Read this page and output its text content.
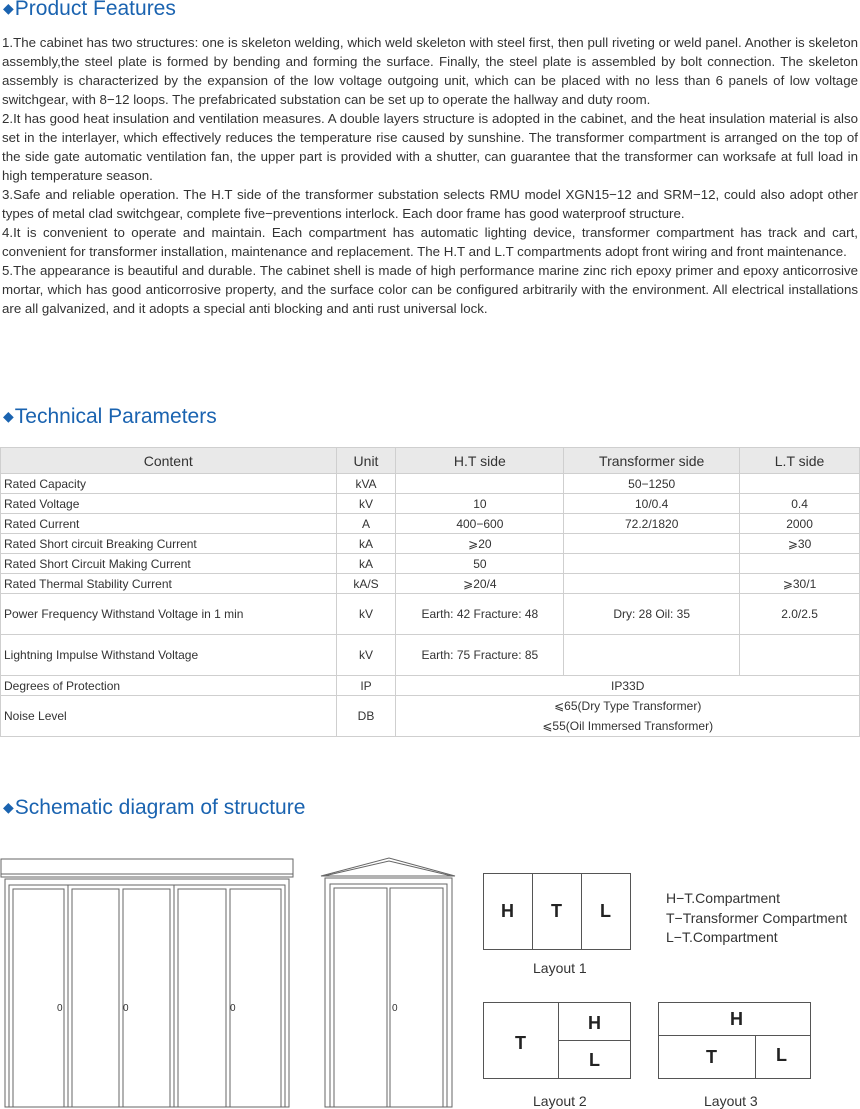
◆Product Features

1.The cabinet has two structures: one is skeleton welding, which weld skeleton with steel first, then pull riveting or weld panel. Another is skeleton assembly,the steel plate is formed by bending and forming the surface. Finally, the steel plate is assembled by bolt connection. The skeleton assembly is characterized by the expansion of the low voltage outgoing unit, which can be placed with no less than 6 panels of low voltage switchgear, with 8−12 loops. The prefabricated substation can be set up to operate the hallway and duty room.

2.It has good heat insulation and ventilation measures. A double layers structure is adopted in the cabinet, and the heat insulation material is also set in the interlayer, which effectively reduces the temperature rise caused by sunshine. The transformer compartment is arranged on the top of the side gate automatic ventilation fan, the upper part is provided with a shutter, can guarantee that the transformer can worksafe at full load in high temperature season.

3.Safe and reliable operation. The H.T side of the transformer substation selects RMU model XGN15−12 and SRM−12, could also adopt other types of metal clad switchgear, complete five−preventions interlock. Each door frame has good waterproof structure.

4.It is convenient to operate and maintain. Each compartment has automatic lighting device, transformer compartment has track and cart, convenient for transformer installation, maintenance and replacement. The H.T and L.T compartments adopt front wiring and front maintenance.

5.The appearance is beautiful and durable. The cabinet shell is made of high performance marine zinc rich epoxy primer and epoxy anticorrosive mortar, which has good anticorrosive property, and the surface color can be configured arbitrarily with the environment. All electrical installations are all galvanized, and it adopts a special anti blocking and anti rust universal lock.

◆Technical Parameters
Content	Unit	H.T side	Transformer side	L.T side
Rated Capacity	kVA		50−1250	
Rated Voltage	kV	10	10/0.4	0.4
Rated Current	A	400−600	72.2/1820	2000
Rated Short circuit Breaking Current	kA	⩾20		⩾30
Rated Short Circuit Making Current	kA	50		
Rated Thermal Stability Current	kA/S	⩾20/4		⩾30/1
Power Frequency Withstand Voltage in 1 min	kV	Earth: 42 Fracture: 48	Dry: 28 Oil: 35	2.0/2.5
Lightning Impulse Withstand Voltage	kV	Earth: 75 Fracture: 85		
Degrees of Protection	IP	IP33D		
Noise Level	DB	⩽65(Dry Type Transformer)
⩽55(Oil Immersed Transformer)		
◆Schematic diagram of structure
0	0	0	0
H T L
Layout 1
H−T.Compartment
T−Transformer Compartment
L−T.Compartment
T
H
L
Layout 2
H
T	L
Layout 3
